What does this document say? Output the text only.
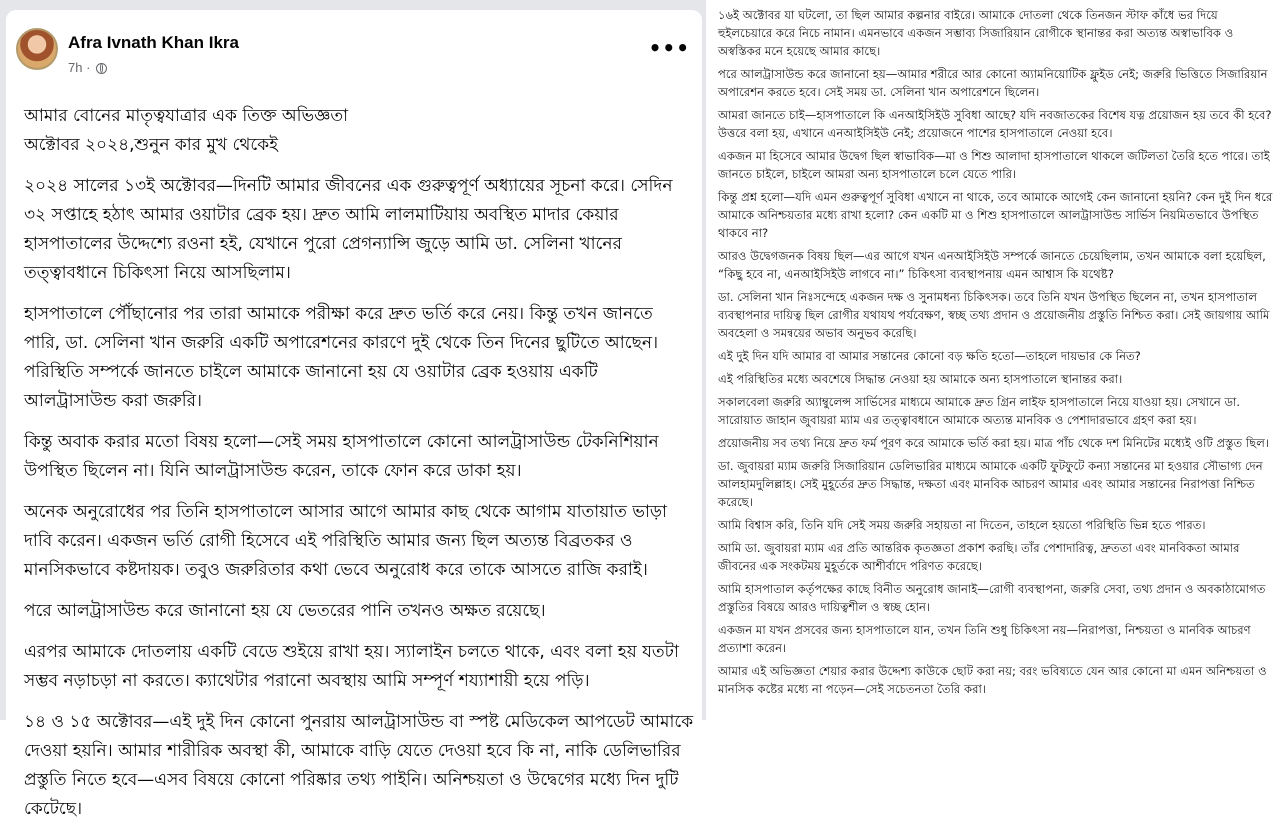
Afra Ivnath Khan Ikra
7h ·
•••

আমার বোনের মাতৃত্বযাত্রার এক তিক্ত অভিজ্ঞতা
অক্টোবর ২০২৪,শুনুন কার মুখ থেকেই

২০২৪ সালের ১৩ই অক্টোবর—দিনটি আমার জীবনের এক গুরুত্বপূর্ণ অধ্যায়ের সূচনা করে। সেদিন ৩২ সপ্তাহে হঠাৎ আমার ওয়াটার ব্রেক হয়। দ্রুত আমি লালমাটিয়ায় অবস্থিত মাদার কেয়ার হাসপাতালের উদ্দেশ্যে রওনা হই, যেখানে পুরো প্রেগন্যান্সি জুড়ে আমি ডা. সেলিনা খানের তত্ত্বাবধানে চিকিৎসা নিয়ে আসছিলাম।

হাসপাতালে পৌঁছানোর পর তারা আমাকে পরীক্ষা করে দ্রুত ভর্তি করে নেয়। কিন্তু তখন জানতে পারি, ডা. সেলিনা খান জরুরি একটি অপারেশনের কারণে দুই থেকে তিন দিনের ছুটিতে আছেন। পরিস্থিতি সম্পর্কে জানতে চাইলে আমাকে জানানো হয় যে ওয়াটার ব্রেক হওয়ায় একটি আলট্রাসাউন্ড করা জরুরি।

কিন্তু অবাক করার মতো বিষয় হলো—সেই সময় হাসপাতালে কোনো আলট্রাসাউন্ড টেকনিশিয়ান উপস্থিত ছিলেন না। যিনি আলট্রাসাউন্ড করেন, তাকে ফোন করে ডাকা হয়।

অনেক অনুরোধের পর তিনি হাসপাতালে আসার আগে আমার কাছ থেকে আগাম যাতায়াত ভাড়া দাবি করেন। একজন ভর্তি রোগী হিসেবে এই পরিস্থিতি আমার জন্য ছিল অত্যন্ত বিব্রতকর ও মানসিকভাবে কষ্টদায়ক। তবুও জরুরিতার কথা ভেবে অনুরোধ করে তাকে আসতে রাজি করাই।

পরে আলট্রাসাউন্ড করে জানানো হয় যে ভেতরের পানি তখনও অক্ষত রয়েছে।

এরপর আমাকে দোতলায় একটি বেডে শুইয়ে রাখা হয়। স্যালাইন চলতে থাকে, এবং বলা হয় যতটা সম্ভব নড়াচড়া না করতে। ক্যাথেটার পরানো অবস্থায় আমি সম্পূর্ণ শয্যাশায়ী হয়ে পড়ি।

১৪ ও ১৫ অক্টোবর—এই দুই দিন কোনো পুনরায় আলট্রাসাউন্ড বা স্পষ্ট মেডিকেল আপডেট আমাকে দেওয়া হয়নি। আমার শারীরিক অবস্থা কী, আমাকে বাড়ি যেতে দেওয়া হবে কি না, নাকি ডেলিভারির প্রস্তুতি নিতে হবে—এসব বিষয়ে কোনো পরিষ্কার তথ্য পাইনি। অনিশ্চয়তা ও উদ্বেগের মধ্যে দিন দুটি কেটেছে।

১৬ই অক্টোবর যা ঘটলো, তা ছিল আমার কল্পনার বাইরে। আমাকে দোতলা থেকে তিনজন স্টাফ কাঁধে ভর দিয়ে হুইলচেয়ারে করে নিচে নামান। এমনভাবে একজন সম্ভাব্য সিজারিয়ান রোগীকে স্থানান্তর করা অত্যন্ত অস্বাভাবিক ও অস্বস্তিকর মনে হয়েছে আমার কাছে।

পরে আলট্রাসাউন্ড করে জানানো হয়—আমার শরীরে আর কোনো অ্যামনিয়োটিক ফ্লুইড নেই; জরুরি ভিত্তিতে সিজারিয়ান অপারেশন করতে হবে। সেই সময় ডা. সেলিনা খান অপারেশনে ছিলেন।

আমরা জানতে চাই—হাসপাতালে কি এনআইসিইউ সুবিধা আছে? যদি নবজাতকের বিশেষ যত্ন প্রয়োজন হয় তবে কী হবে? উত্তরে বলা হয়, এখানে এনআইসিইউ নেই; প্রয়োজনে পাশের হাসপাতালে নেওয়া হবে।

একজন মা হিসেবে আমার উদ্বেগ ছিল স্বাভাবিক—মা ও শিশু আলাদা হাসপাতালে থাকলে জটিলতা তৈরি হতে পারে। তাই জানতে চাইলে, চাইলে আমরা অন্য হাসপাতালে চলে যেতে পারি।

কিন্তু প্রশ্ন হলো—যদি এমন গুরুত্বপূর্ণ সুবিধা এখানে না থাকে, তবে আমাকে আগেই কেন জানানো হয়নি? কেন দুই দিন ধরে আমাকে অনিশ্চয়তার মধ্যে রাখা হলো? কেন একটি মা ও শিশু হাসপাতালে আলট্রাসাউন্ড সার্ভিস নিয়মিতভাবে উপস্থিত থাকবে না?

আরও উদ্বেগজনক বিষয় ছিল—এর আগে যখন এনআইসিইউ সম্পর্কে জানতে চেয়েছিলাম, তখন আমাকে বলা হয়েছিল, “কিছু হবে না, এনআইসিইউ লাগবে না।” চিকিৎসা ব্যবস্থাপনায় এমন আশ্বাস কি যথেষ্ট?

ডা. সেলিনা খান নিঃসন্দেহে একজন দক্ষ ও সুনামধন্য চিকিৎসক। তবে তিনি যখন উপস্থিত ছিলেন না, তখন হাসপাতাল ব্যবস্থাপনার দায়িত্ব ছিল রোগীর যথাযথ পর্যবেক্ষণ, স্বচ্ছ তথ্য প্রদান ও প্রয়োজনীয় প্রস্তুতি নিশ্চিত করা। সেই জায়গায় আমি অবহেলা ও সমন্বয়ের অভাব অনুভব করেছি।

এই দুই দিন যদি আমার বা আমার সন্তানের কোনো বড় ক্ষতি হতো—তাহলে দায়ভার কে নিত?

এই পরিস্থিতির মধ্যে অবশেষে সিদ্ধান্ত নেওয়া হয় আমাকে অন্য হাসপাতালে স্থানান্তর করা।

সকালবেলা জরুরি অ্যাম্বুলেন্স সার্ভিসের মাধ্যমে আমাকে দ্রুত গ্রিন লাইফ হাসপাতালে নিয়ে যাওয়া হয়। সেখানে ডা. সারোয়াত জাহান জুবায়রা ম্যাম এর তত্ত্বাবধানে আমাকে অত্যন্ত মানবিক ও পেশাদারভাবে গ্রহণ করা হয়।

প্রয়োজনীয় সব তথ্য নিয়ে দ্রুত ফর্ম পূরণ করে আমাকে ভর্তি করা হয়। মাত্র পাঁচ থেকে দশ মিনিটের মধ্যেই ওটি প্রস্তুত ছিল।

ডা. জুবায়রা ম্যাম জরুরি সিজারিয়ান ডেলিভারির মাধ্যমে আমাকে একটি ফুটফুটে কন্যা সন্তানের মা হওয়ার সৌভাগ্য দেন আলহামদুলিল্লাহ। সেই মুহূর্তের দ্রুত সিদ্ধান্ত, দক্ষতা এবং মানবিক আচরণ আমার এবং আমার সন্তানের নিরাপত্তা নিশ্চিত করেছে।

আমি বিশ্বাস করি, তিনি যদি সেই সময় জরুরি সহায়তা না দিতেন, তাহলে হয়তো পরিস্থিতি ভিন্ন হতে পারত।

আমি ডা. জুবায়রা ম্যাম এর প্রতি আন্তরিক কৃতজ্ঞতা প্রকাশ করছি। তাঁর পেশাদারিত্ব, দ্রুততা এবং মানবিকতা আমার জীবনের এক সংকটময় মুহূর্তকে আশীর্বাদে পরিণত করেছে।

আমি হাসপাতাল কর্তৃপক্ষের কাছে বিনীত অনুরোধ জানাই—রোগী ব্যবস্থাপনা, জরুরি সেবা, তথ্য প্রদান ও অবকাঠামোগত প্রস্তুতির বিষয়ে আরও দায়িত্বশীল ও স্বচ্ছ হোন।

একজন মা যখন প্রসবের জন্য হাসপাতালে যান, তখন তিনি শুধু চিকিৎসা নয়—নিরাপত্তা, নিশ্চয়তা ও মানবিক আচরণ প্রত্যাশা করেন।

আমার এই অভিজ্ঞতা শেয়ার করার উদ্দেশ্য কাউকে ছোট করা নয়; বরং ভবিষ্যতে যেন আর কোনো মা এমন অনিশ্চয়তা ও মানসিক কষ্টের মধ্যে না পড়েন—সেই সচেতনতা তৈরি করা।
